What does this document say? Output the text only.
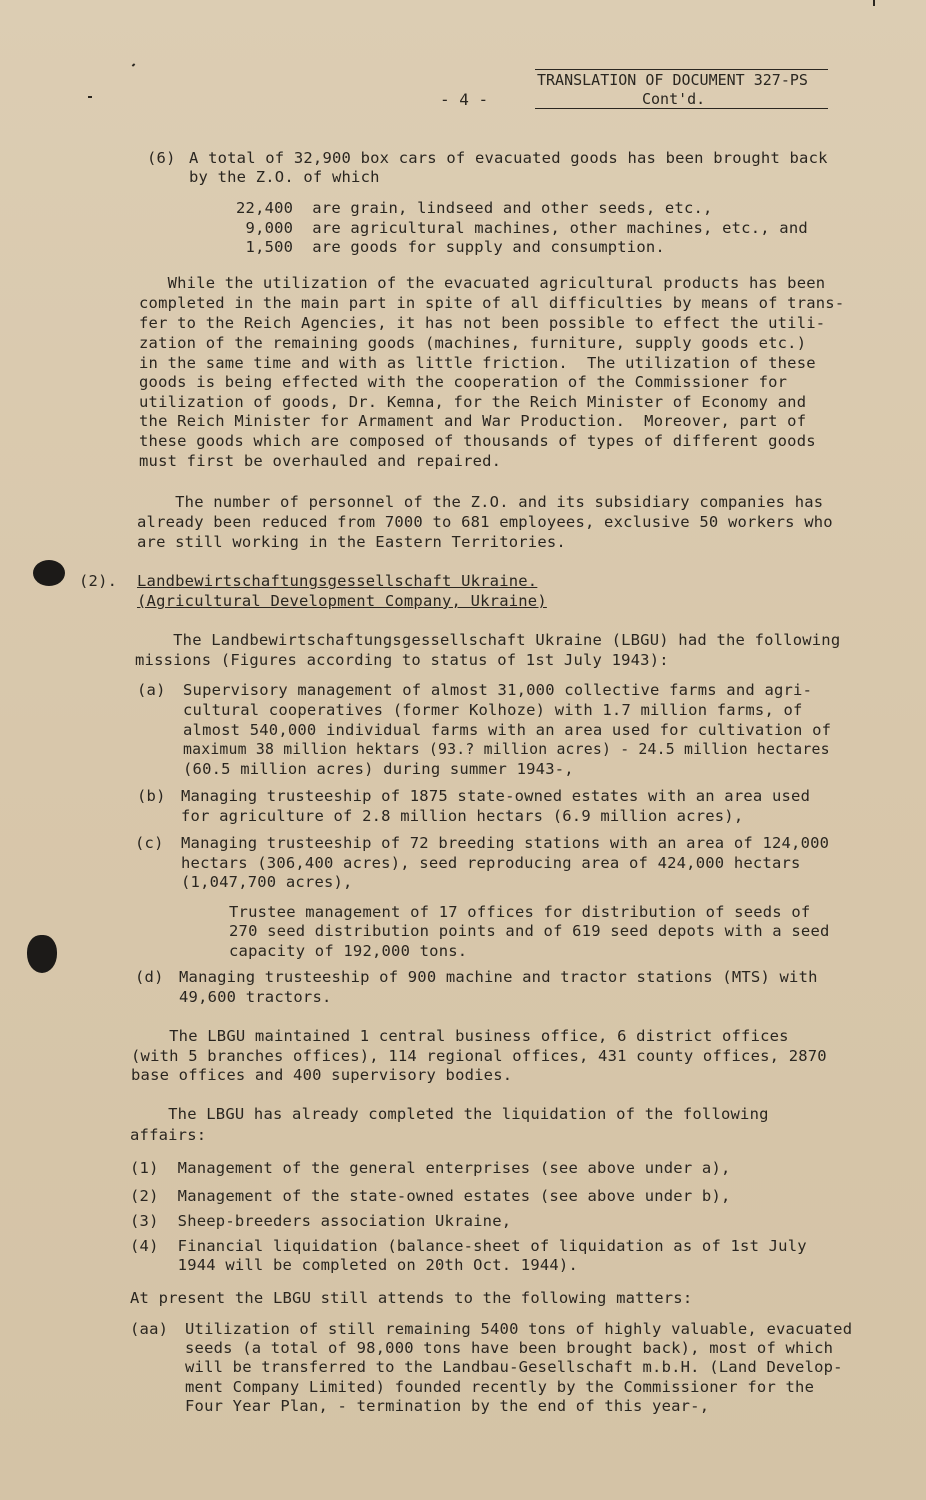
TRANSLATION OF DOCUMENT 327-PS
- 4 -	Cont'd.
(6) A total of 32,900 box cars of evacuated goods has been brought back
by the Z.O. of which
22,400  are grain, lindseed and other seeds, etc.,
9,000  are agricultural machines, other machines, etc., and
1,500  are goods for supply and consumption.
While the utilization of the evacuated agricultural products has been
completed in the main part in spite of all difficulties by means of trans-
fer to the Reich Agencies, it has not been possible to effect the utili-
zation of the remaining goods (machines, furniture, supply goods etc.)
in the same time and with as little friction.  The utilization of these
goods is being effected with the cooperation of the Commissioner for
utilization of goods, Dr. Kemna, for the Reich Minister of Economy and
the Reich Minister for Armament and War Production.  Moreover, part of
these goods which are composed of thousands of types of different goods
must first be overhauled and repaired.
The number of personnel of the Z.O. and its subsidiary companies has
already been reduced from 7000 to 681 employees, exclusive 50 workers who
are still working in the Eastern Territories.
(2). Landbewirtschaftungsgessellschaft Ukraine.
(Agricultural Development Company, Ukraine)
The Landbewirtschaftungsgessellschaft Ukraine (LBGU) had the following
missions (Figures according to status of 1st July 1943):
(a) Supervisory management of almost 31,000 collective farms and agri-
cultural cooperatives (former Kolhoze) with 1.7 million farms, of
almost 540,000 individual farms with an area used for cultivation of
maximum 38 million hektars (93.? million acres) - 24.5 million hectares
(60.5 million acres) during summer 1943-,
(b) Managing trusteeship of 1875 state-owned estates with an area used
for agriculture of 2.8 million hectars (6.9 million acres),
(c) Managing trusteeship of 72 breeding stations with an area of 124,000
hectars (306,400 acres), seed reproducing area of 424,000 hectars
(1,047,700 acres),
Trustee management of 17 offices for distribution of seeds of
270 seed distribution points and of 619 seed depots with a seed
capacity of 192,000 tons.
(d) Managing trusteeship of 900 machine and tractor stations (MTS) with
49,600 tractors.
The LBGU maintained 1 central business office, 6 district offices
(with 5 branches offices), 114 regional offices, 431 county offices, 2870
base offices and 400 supervisory bodies.
The LBGU has already completed the liquidation of the following
affairs:
(1)  Management of the general enterprises (see above under a),
(2)  Management of the state-owned estates (see above under b),
(3)  Sheep-breeders association Ukraine,
(4)  Financial liquidation (balance-sheet of liquidation as of 1st July
1944 will be completed on 20th Oct. 1944).
At present the LBGU still attends to the following matters:
(aa) Utilization of still remaining 5400 tons of highly valuable, evacuated
seeds (a total of 98,000 tons have been brought back), most of which
will be transferred to the Landbau-Gesellschaft m.b.H. (Land Develop-
ment Company Limited) founded recently by the Commissioner for the
Four Year Plan, - termination by the end of this year-,
